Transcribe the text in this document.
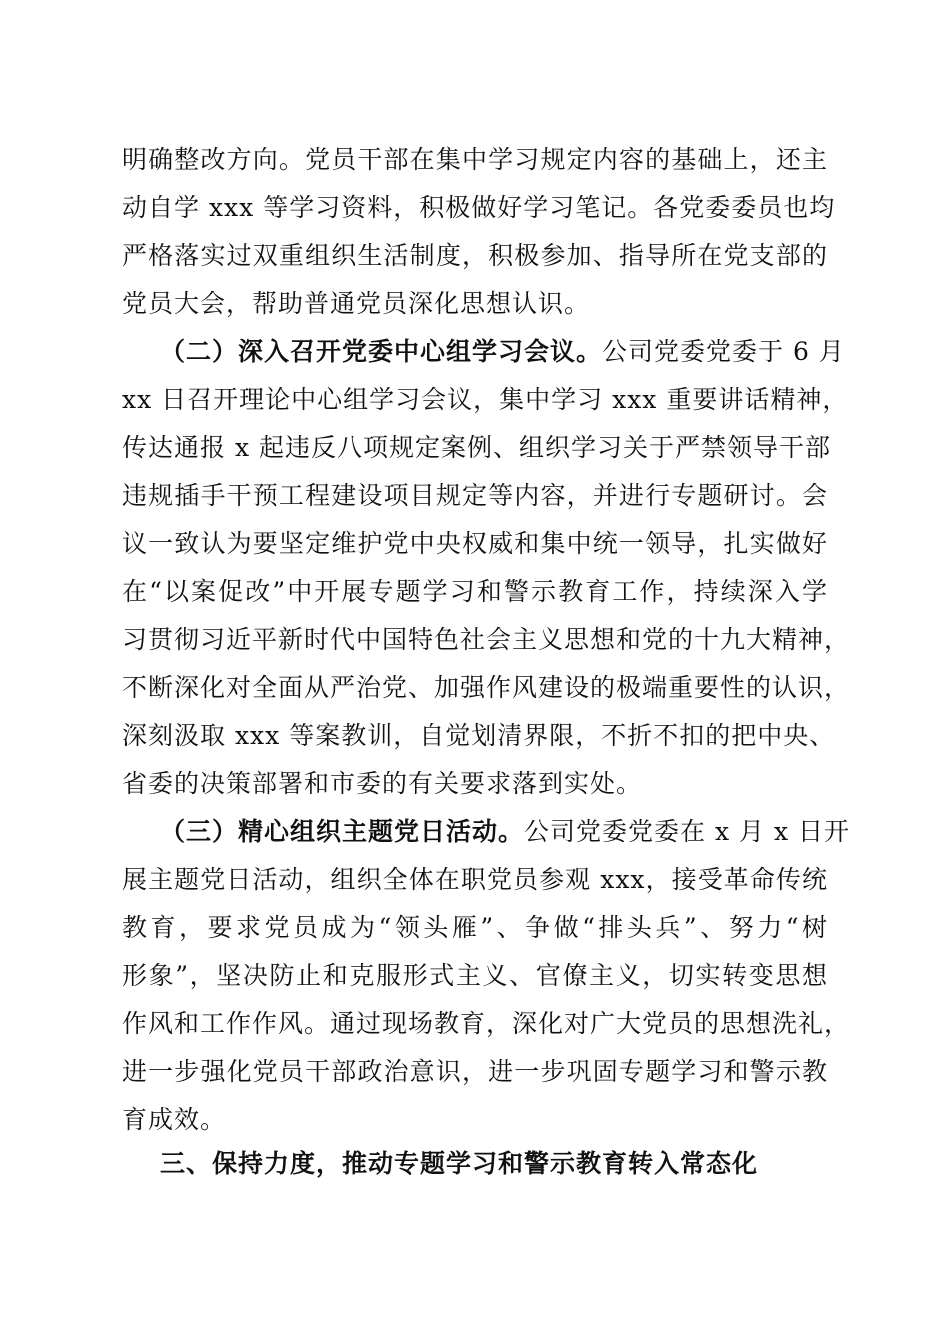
明确整改方向。党员干部在集中学习规定内容的基础上，还主
动自学 xxx 等学习资料，积极做好学习笔记。各党委委员也均
严格落实过双重组织生活制度，积极参加、指导所在党支部的
党员大会，帮助普通党员深化思想认识。
（二）深入召开党委中心组学习会议。公司党委党委于 6 月
xx 日召开理论中心组学习会议，集中学习 xxx 重要讲话精神，
传达通报 x 起违反八项规定案例、组织学习关于严禁领导干部
违规插手干预工程建设项目规定等内容，并进行专题研讨。会
议一致认为要坚定维护党中央权威和集中统一领导，扎实做好
在“以案促改”中开展专题学习和警示教育工作，持续深入学
习贯彻习近平新时代中国特色社会主义思想和党的十九大精神，
不断深化对全面从严治党、加强作风建设的极端重要性的认识，
深刻汲取 xxx 等案教训，自觉划清界限，不折不扣的把中央、
省委的决策部署和市委的有关要求落到实处。
（三）精心组织主题党日活动。公司党委党委在 x 月 x 日开
展主题党日活动，组织全体在职党员参观 xxx，接受革命传统
教育，要求党员成为“领头雁”、争做“排头兵”、努力“树
形象”，坚决防止和克服形式主义、官僚主义，切实转变思想
作风和工作作风。通过现场教育，深化对广大党员的思想洗礼，
进一步强化党员干部政治意识，进一步巩固专题学习和警示教
育成效。
三、保持力度，推动专题学习和警示教育转入常态化
